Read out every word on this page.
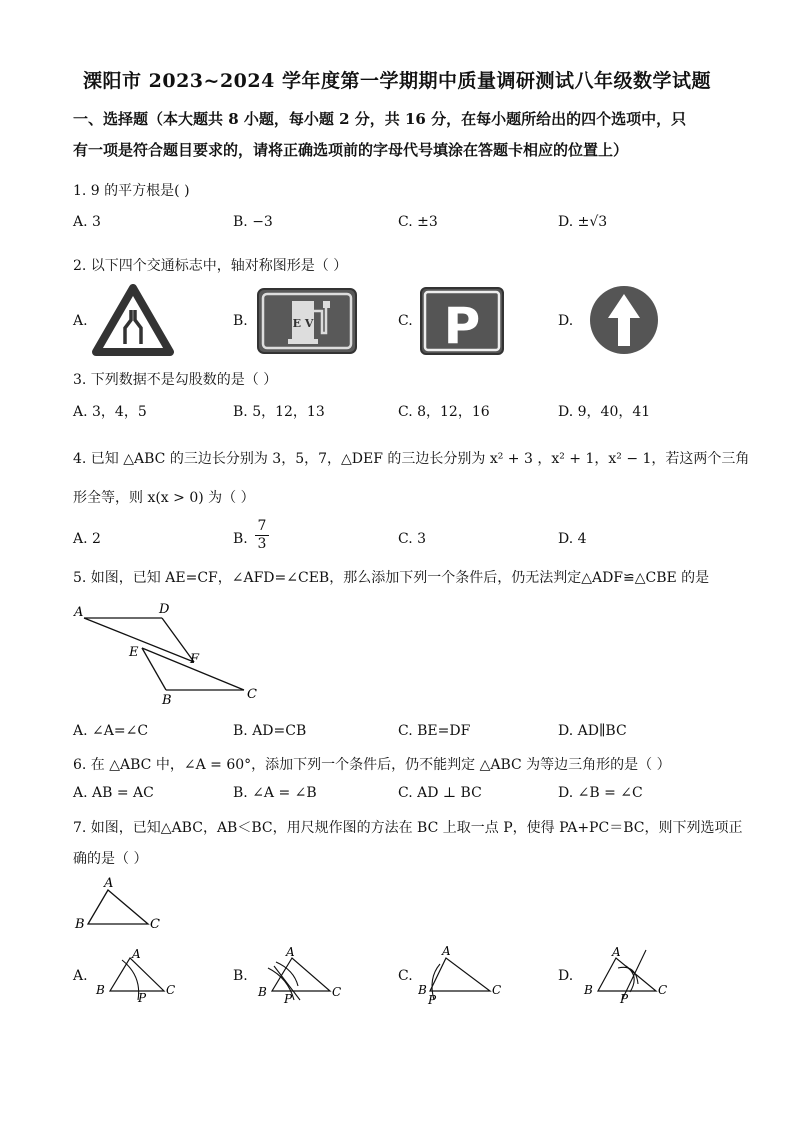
溧阳市 2023~2024 学年度第一学期期中质量调研测试八年级数学试题
一、选择题（本大题共 8 小题，每小题 2 分，共 16 分，在每小题所给出的四个选项中，只
有一项是符合题目要求的，请将正确选项前的字母代号填涂在答题卡相应的位置上）
1. 9 的平方根是( )
A. 3	B. −3	C. ±3	D. ±√3
2. 以下四个交通标志中，轴对称图形是（ ）
A.	B.	C.	D.
E V	P
3. 下列数据不是勾股数的是（ ）
A. 3，4，5	B. 5，12，13	C. 8，12，16	D. 9，40，41
4. 已知 △ABC 的三边长分别为 3，5，7，△DEF 的三边长分别为 x² + 3 ，x² + 1，x² − 1，若这两个三角
形全等，则 x(x > 0) 为（ ）
A. 2	B. $\frac{7}{3}$	C. 3	D. 4
5. 如图，已知 AE=CF，∠AFD=∠CEB，那么添加下列一个条件后，仍无法判定△ADF≌△CBE 的是
A	D
E	F
B	C
A. ∠A=∠C	B. AD=CB	C. BE=DF	D. AD∥BC
6. 在 △ABC 中，∠A = 60°，添加下列一个条件后，仍不能判定 △ABC 为等边三角形的是（ ）
A. AB = AC	B. ∠A = ∠B	C. AD ⊥ BC	D. ∠B = ∠C
7. 如图，已知△ABC，AB＜BC，用尺规作图的方法在 BC 上取一点 P，使得 PA+PC＝BC，则下列选项正
确的是（ ）
A
B	C
A.	B.	C.	D.
A
B	C
P
A
B	C
P
A
B	C
P
A
B	C
P
